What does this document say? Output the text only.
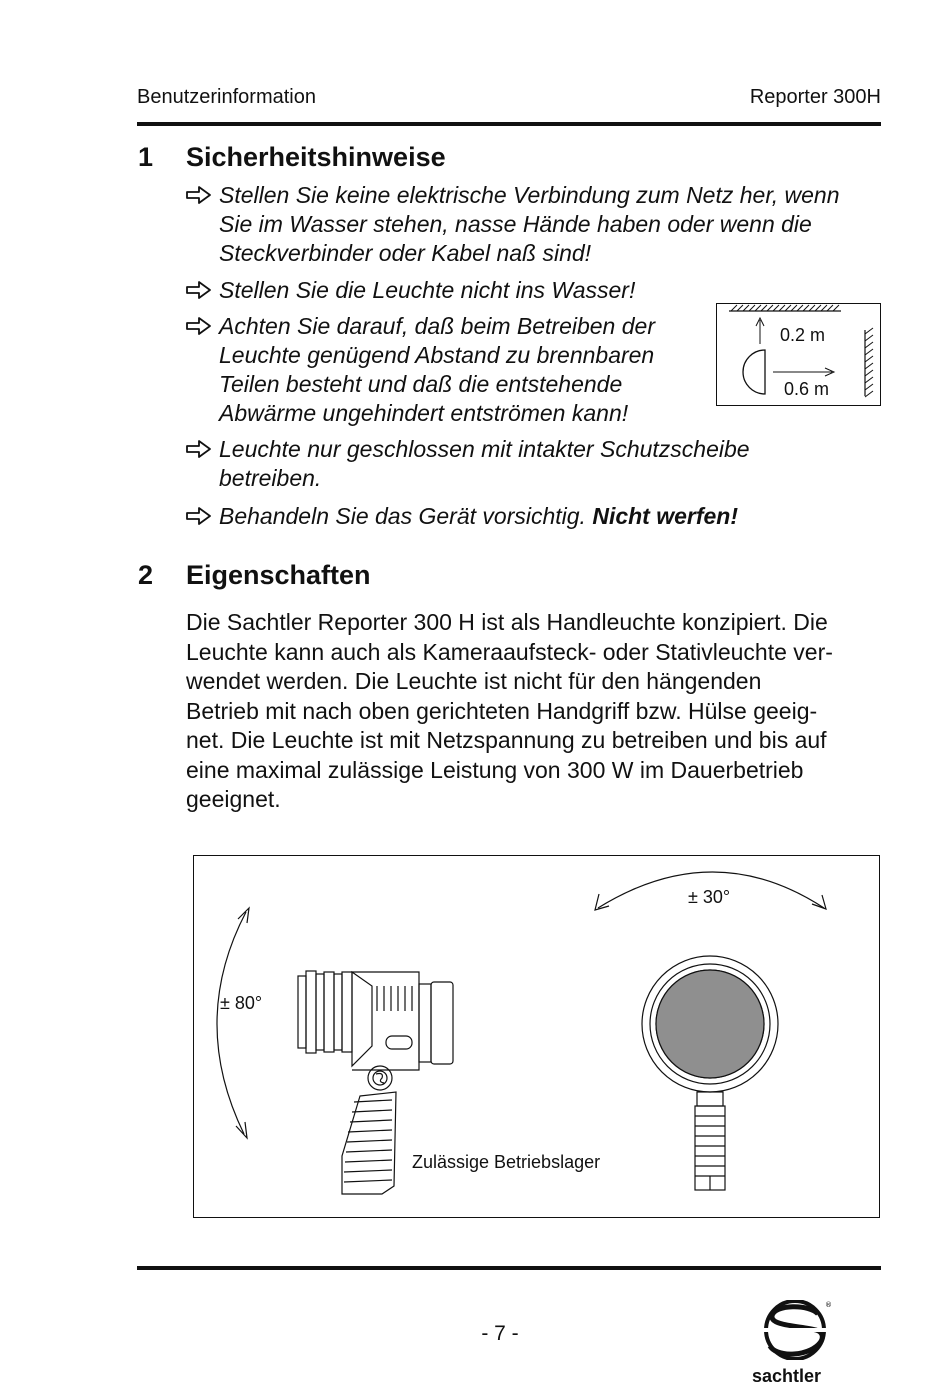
Benutzerinformation	Reporter 300H
1 Sicherheitshinweise
Stellen Sie keine elektrische Verbindung zum Netz her, wenn
Sie im Wasser stehen, nasse Hände haben oder wenn die
Steckverbinder oder Kabel naß sind!
Stellen Sie die Leuchte nicht ins Wasser!
Achten Sie darauf, daß beim Betreiben der
Leuchte genügend Abstand zu brennbaren
Teilen besteht und daß die entstehende
Abwärme ungehindert entströmen kann!
0.2 m
0.6 m
Leuchte nur geschlossen mit intakter Schutzscheibe
betreiben.
Behandeln Sie das Gerät vorsichtig. Nicht werfen!
2 Eigenschaften
Die Sachtler Reporter 300 H ist als Handleuchte konzipiert. Die
Leuchte kann auch als Kameraaufsteck- oder Stativleuchte ver-
wendet werden. Die Leuchte ist nicht für den hängenden
Betrieb mit nach oben gerichteten Handgriff bzw. Hülse geeig-
net. Die Leuchte ist mit Netzspannung zu betreiben und bis auf
eine maximal zulässige Leistung von 300 W im Dauerbetrieb
geeignet.
± 80°
± 30°
Zulässige Betriebslager
- 7 -
®
sachtler
